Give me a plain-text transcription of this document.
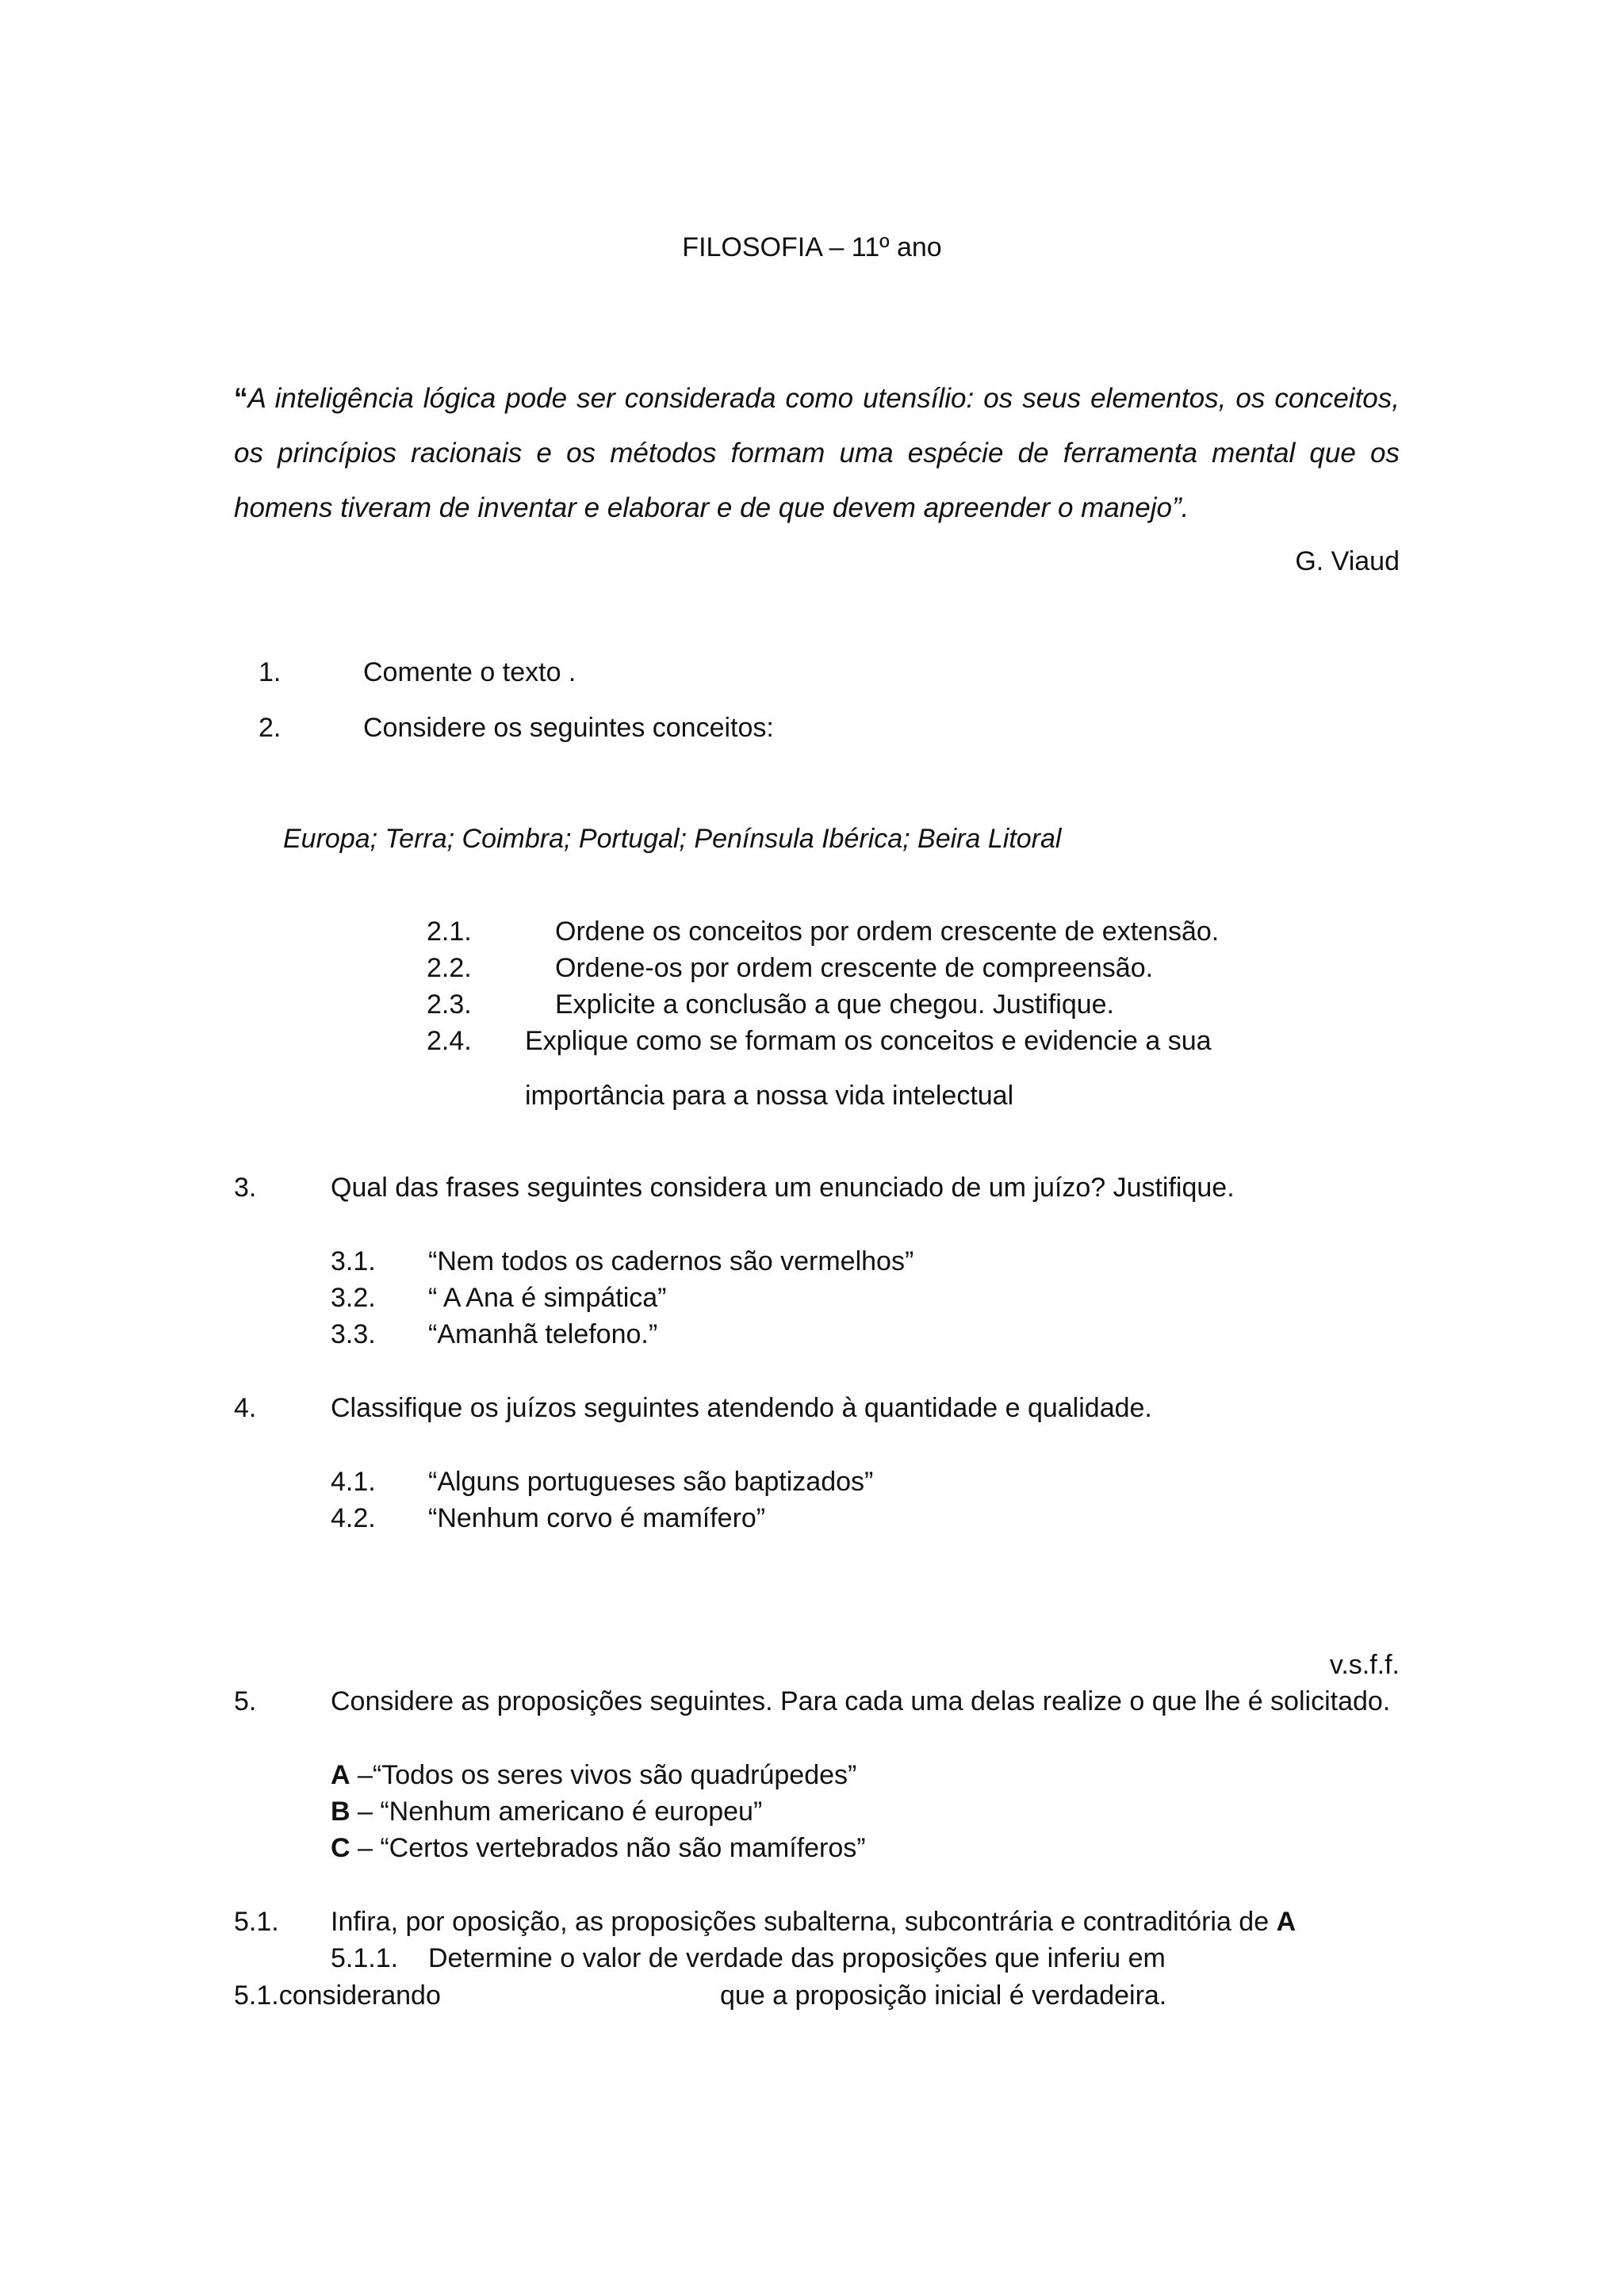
FILOSOFIA – 11º ano
“A inteligência lógica pode ser considerada como utensílio: os seus elementos, os conceitos, os princípios racionais e os métodos formam uma espécie de ferramenta mental que os homens tiveram de inventar e elaborar e de que devem apreender o manejo”.
G. Viaud
1.	Comente o texto .
2.	Considere os seguintes conceitos:
Europa; Terra; Coimbra; Portugal; Península Ibérica; Beira Litoral
2.1.	Ordene os conceitos por ordem crescente de extensão.
2.2.	Ordene-os por ordem crescente de compreensão.
2.3.	Explicite a conclusão a que chegou. Justifique.
2.4. Explique como se formam os conceitos e evidencie a sua
importância para a nossa vida intelectual
3.	Qual das frases seguintes considera um enunciado de um juízo? Justifique.
3.1. “Nem todos os cadernos são vermelhos”
3.2. “ A Ana é simpática”
3.3. “Amanhã telefono.”
4.	Classifique os juízos seguintes atendendo à quantidade e qualidade.
4.1. “Alguns portugueses são baptizados”
4.2. “Nenhum corvo é mamífero”
v.s.f.f.
5.	Considere as proposições seguintes. Para cada uma delas realize o que lhe é solicitado.
A –“Todos os seres vivos são quadrúpedes”
B – “Nenhum americano é europeu”
C – “Certos vertebrados não são mamíferos”
5.1. Infira, por oposição, as proposições subalterna, subcontrária e contraditória de A
5.1.1. Determine o valor de verdade das proposições que inferiu em
5.1.considerando	que a proposição inicial é verdadeira.
